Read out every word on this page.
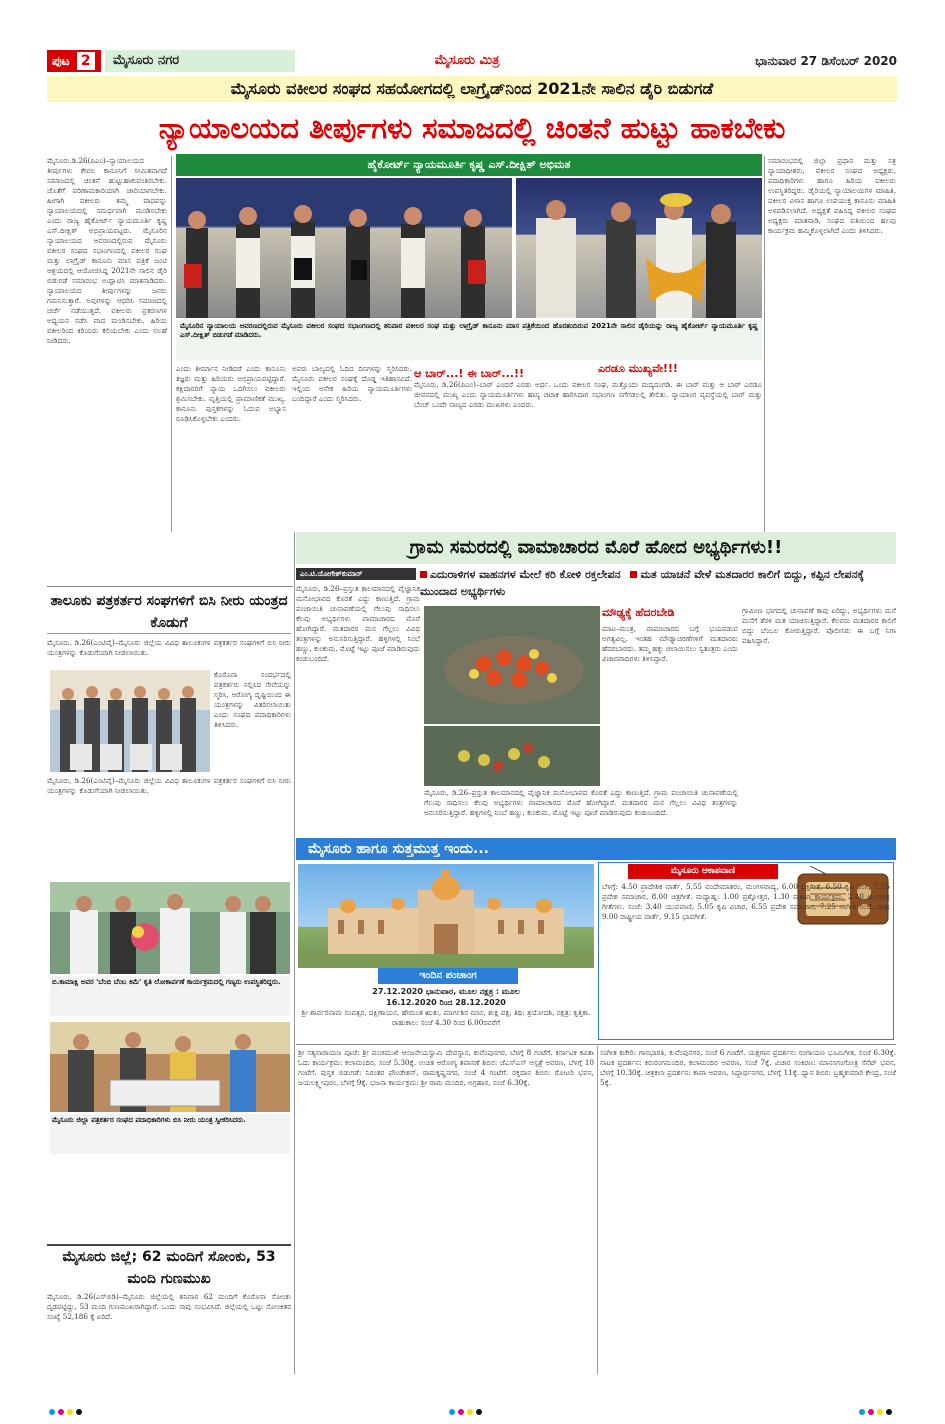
ಪುಟ 2	ಮೈಸೂರು ನಗರ	ಮೈಸೂರು ಮಿತ್ರ	ಭಾನುವಾರ 27 ಡಿಸೆಂಬರ್ 2020
ಮೈಸೂರು ವಕೀಲರ ಸಂಘದ ಸಹಯೋಗದಲ್ಲಿ ಲಾಗ್ರೈಡ್‌ನಿಂದ 2021ನೇ ಸಾಲಿನ ಡೈರಿ ಬಿಡುಗಡೆ
ನ್ಯಾಯಾಲಯದ ತೀರ್ಪುಗಳು ಸಮಾಜದಲ್ಲಿ ಚಿಂತನೆ ಹುಟ್ಟು ಹಾಕಬೇಕು
ಮೈಸೂರು.ಡಿ.26(ಪಿಎಂ)–ನ್ಯಾಯಾಲಯದ ತೀರ್ಪುಗಳು ಕೇವಲ ಕಾನೂನಿಗೆ ಸೀಮಿತವಾಗದೆ ಸಮಾಜದಲ್ಲಿ ಚಿಂತನೆ ಹುಟ್ಟುಹಾಕುವಂತಿರಬೇಕು. ಜೊತೆಗೆ ಪರಿಣಾಮಕಾರಿಯಾಗಿ ಜಾರಿಯಾಗಬೇಕು. ಹೀಗಾಗಿ ವಕೀಲರು ತಮ್ಮ ವಾದವನ್ನು ನ್ಯಾಯಾಲಯದಲ್ಲಿ ಸಮರ್ಥವಾಗಿ ಮಂಡಿಸಬೇಕು ಎಂದು ರಾಜ್ಯ ಹೈಕೋರ್ಟ್ ನ್ಯಾಯಮೂರ್ತಿ ಕೃಷ್ಣ ಎಸ್.ದೀಕ್ಷಿತ್ ಅಭಿಪ್ರಾಯಪಟ್ಟರು. ಮೈಸೂರಿನ ನ್ಯಾಯಾಲಯದ ಆವರಣದಲ್ಲಿರುವ ಮೈಸೂರು ವಕೀಲರ ಸಂಘದ ಸಭಾಂಗಣದಲ್ಲಿ ವಕೀಲರ ಸಂಘ ಮತ್ತು ಲಾಗ್ರೈಡ್ ಕಾನೂನು ಮಾಸ ಪತ್ರಿಕೆ ಜಂಟಿ ಆಶ್ರಯದಲ್ಲಿ ಆಯೋಜಿಸಿದ್ದ 2021ನೇ ಸಾಲಿನ ಡೈರಿ ಬಿಡುಗಡೆ ಸಮಾರಂಭ ಉದ್ಘಾಟಿಸಿ ಮಾತನಾಡಿದರು. ನ್ಯಾಯಾಲಯದ ತೀರ್ಪುಗಳನ್ನು ಜನರು ಗಮನಿಸುತ್ತಾರೆ. ಅವುಗಳನ್ನು ಆಧರಿಸಿ ಸಮಾಜದಲ್ಲಿ ಚರ್ಚೆ ನಡೆಯುತ್ತದೆ. ವಕೀಲರು ಪ್ರಕರಣಗಳ ಅಧ್ಯಯನ ನಡೆಸಿ ವಾದ ಮಂಡಿಸಬೇಕು. ಹಿರಿಯ ವಕೀಲರಿಂದ ಕಿರಿಯರು ಕಲಿಯಬೇಕು ಎಂದು ಸಲಹೆ ನೀಡಿದರು.
ಹೈಕೋರ್ಟ್ ನ್ಯಾಯಮೂರ್ತಿ ಕೃಷ್ಣ ಎಸ್.ದೀಕ್ಷಿತ್ ಅಭಿಮತ
ಮೈಸೂರಿನ ನ್ಯಾಯಾಲಯ ಆವರಣದಲ್ಲಿರುವ ಮೈಸೂರು ವಕೀಲರ ಸಂಘದ ಸಭಾಂಗಣದಲ್ಲಿ ಶನಿವಾರ ವಕೀಲರ ಸಂಘ ಮತ್ತು ಲಾಗ್ರೈಡ್ ಕಾನೂನು ಮಾಸ ಪತ್ರಿಕೆಯಿಂದ ಹೊರತಂದಿರುವ 2021ನೇ ಸಾಲಿನ ಡೈರಿಯನ್ನು ರಾಜ್ಯ ಹೈಕೋರ್ಟ್ ನ್ಯಾಯಮೂರ್ತಿ ಕೃಷ್ಣ ಎಸ್.ದೀಕ್ಷಿತ್ ಬಿಡುಗಡೆ ಮಾಡಿದರು.
ಎಂದು ತೀರ್ಮಾನ ನೀಡಿದರೆ ಎಂದು ಕಾನೂನು ತಜ್ಞರು ಮತ್ತು ಹಿರಿಯರು ಅಭಿಪ್ರಾಯಪಟ್ಟಿದ್ದಾರೆ. ಕಕ್ಷಿದಾರರಿಗೆ ನ್ಯಾಯ ಒದಗಿಸಲು ವಕೀಲರು ಶ್ರಮಿಸಬೇಕು. ವೃತ್ತಿಯಲ್ಲಿ ಪ್ರಾಮಾಣಿಕತೆ ಮುಖ್ಯ. ಕಾನೂನು ಪುಸ್ತಕಗಳನ್ನು ಓದುವ ಅಭ್ಯಾಸ ರೂಢಿಸಿಕೊಳ್ಳಬೇಕು ಎಂದರು.
ಅವರು ಬಾಲ್ಯದಲ್ಲಿ ಓದಿದ ದಿನಗಳನ್ನು ಸ್ಮರಿಸಿದರು. ಮೈಸೂರು ವಕೀಲರ ಸಂಘಕ್ಕೆ ದೊಡ್ಡ ಇತಿಹಾಸವಿದೆ. ಇಲ್ಲಿಂದ ಅನೇಕ ಹಿರಿಯ ನ್ಯಾಯಮೂರ್ತಿಗಳು ಬಂದಿದ್ದಾರೆ ಎಂದು ಸ್ಮರಿಸಿದರು.
ಆ ಬಾರ್...! ಈ ಬಾರ್...!!	ಎರಡೂ ಮುಖ್ಯವೇ!!!
ಮೈಸೂರು, ಡಿ.26(ಪಿಎಂ)–ಬಾರ್ ಎಂದರೆ ಎರಡು ಅರ್ಥ. ಒಂದು ವಕೀಲರ ಸಂಘ, ಮತ್ತೊಂದು ಮದ್ಯದಂಗಡಿ. ಈ ಬಾರ್ ಮತ್ತು ಆ ಬಾರ್ ಎರಡೂ ಜೀವನದಲ್ಲಿ ಮುಖ್ಯ ಎಂದು ನ್ಯಾಯಮೂರ್ತಿಗಳು ಹಾಸ್ಯ ಚಟಾಕಿ ಹಾರಿಸಿದಾಗ ಸಭಾಂಗಣ ನಗೆಗಡಲಲ್ಲಿ ತೇಲಿತು. ನ್ಯಾಯಾಂಗ ವ್ಯವಸ್ಥೆಯಲ್ಲಿ ಬಾರ್ ಮತ್ತು ಬೆಂಚ್ ಒಂದೇ ನಾಣ್ಯದ ಎರಡು ಮುಖಗಳು ಎಂದರು.
ಸಮಾರಂಭದಲ್ಲಿ ಜಿಲ್ಲಾ ಪ್ರಧಾನ ಮತ್ತು ಸತ್ರ ನ್ಯಾಯಾಧೀಶರು, ವಕೀಲರ ಸಂಘದ ಅಧ್ಯಕ್ಷರು, ಪದಾಧಿಕಾರಿಗಳು ಹಾಗೂ ಹಿರಿಯ ವಕೀಲರು ಉಪಸ್ಥಿತರಿದ್ದರು. ಡೈರಿಯಲ್ಲಿ ನ್ಯಾಯಾಲಯಗಳ ಮಾಹಿತಿ, ವಕೀಲರ ವಿಳಾಸ ಹಾಗೂ ಉಪಯುಕ್ತ ಕಾನೂನು ಮಾಹಿತಿ ಅಳವಡಿಸಲಾಗಿದೆ. ಅಧ್ಯಕ್ಷತೆ ವಹಿಸಿದ್ದ ವಕೀಲರ ಸಂಘದ ಅಧ್ಯಕ್ಷರು ಮಾತನಾಡಿ, ಸಂಘದ ವತಿಯಿಂದ ಹಲವು ಕಾರ್ಯಕ್ರಮ ಹಮ್ಮಿಕೊಳ್ಳಲಾಗಿದೆ ಎಂದು ತಿಳಿಸಿದರು.
ಗ್ರಾಮ ಸಮರದಲ್ಲಿ ವಾಮಾಚಾರದ ಮೊರೆ ಹೋದ ಅಭ್ಯರ್ಥಿಗಳು!!
ತಾಲೂಕು ಪತ್ರಕರ್ತರ ಸಂಘಗಳಿಗೆ ಬಿಸಿ ನೀರು ಯಂತ್ರದ ಕೊಡುಗೆ
ಮೈಸೂರು, ಡಿ.26(ಎಂಟಿವೈ)–ಮೈಸೂರು ಜಿಲ್ಲೆಯ ವಿವಿಧ ತಾಲೂಕುಗಳ ಪತ್ರಕರ್ತರ ಸಂಘಗಳಿಗೆ ಬಿಸಿ ನೀರು ಯಂತ್ರಗಳನ್ನು ಕೊಡುಗೆಯಾಗಿ ನೀಡಲಾಯಿತು.
ಕೊರೊನಾ ಸಂದರ್ಭದಲ್ಲಿ ಪತ್ರಕರ್ತರು ಸಲ್ಲಿಸಿದ ಸೇವೆಯನ್ನು ಸ್ಮರಿಸಿ, ಆರೋಗ್ಯ ದೃಷ್ಟಿಯಿಂದ ಈ ಯಂತ್ರಗಳನ್ನು ವಿತರಿಸಲಾಯಿತು ಎಂದು ಸಂಘದ ಪದಾಧಿಕಾರಿಗಳು ತಿಳಿಸಿದರು.
ಮೈಸೂರು, ಡಿ.26(ಎಂಟಿವೈ)–ಮೈಸೂರು ಜಿಲ್ಲೆಯ ವಿವಿಧ ತಾಲೂಕುಗಳ ಪತ್ರಕರ್ತರ ಸಂಘಗಳಿಗೆ ಬಿಸಿ ನೀರು ಯಂತ್ರಗಳನ್ನು ಕೊಡುಗೆಯಾಗಿ ನೀಡಲಾಯಿತು.
ಬಿ.ಕಾಮಾಕ್ಷಿ ಅವರ 'ಬೆಂಬಿ ಬೆಂಬ ಕಿಮೆ' ಕೃತಿ ಲೋಕಾರ್ಪಣೆ ಕಾರ್ಯಕ್ರಮದಲ್ಲಿ ಗಣ್ಯರು ಉಪಸ್ಥಿತರಿದ್ದರು.
ಮೈಸೂರು ಜಿಲ್ಲಾ ಪತ್ರಕರ್ತರ ಸಂಘದ ಪದಾಧಿಕಾರಿಗಳು ಬಿಸಿ ನೀರು ಯಂತ್ರ ಸ್ವೀಕರಿಸಿದರು.
ಮೈಸೂರು ಜಿಲ್ಲೆ; 62 ಮಂದಿಗೆ ಸೋಂಕು, 53 ಮಂದಿ ಗುಣಮುಖ
ಮೈಸೂರು, ಡಿ.26(ಎಸ್‌ಬಿಡಿ)–ಮೈಸೂರು ಜಿಲ್ಲೆಯಲ್ಲಿ ಶನಿವಾರ 62 ಮಂದಿಗೆ ಕೊರೊನಾ ಸೋಂಕು ದೃಢಪಟ್ಟಿದ್ದು, 53 ಮಂದಿ ಗುಣಮುಖರಾಗಿದ್ದಾರೆ. ಒಂದು ಸಾವು ಸಂಭವಿಸಿದೆ. ಜಿಲ್ಲೆಯಲ್ಲಿ ಒಟ್ಟು ಸೋಂಕಿತರ ಸಂಖ್ಯೆ 52,186 ಕ್ಕೆ ಏರಿದೆ.
ಎಂ.ಟಿ.ಯೋಗೇಶ್‌ಕುಮಾರ್	ಎದುರಾಳಿಗಳ ವಾಹನಗಳ ಮೇಲೆ ಕರಿ ಕೋಳಿ ರಕ್ತಲೇಪನ ಮತ ಯಾಚನೆ ವೇಳೆ ಮತದಾರರ ಕಾಲಿಗೆ ಬಿದ್ದು, ಕಪ್ಪಿನ ಲೇಪನಕ್ಕೆ ಮುಂದಾದ ಅಭ್ಯರ್ಥಿಗಳು
ಮೈಸೂರು, ಡಿ.26–ಪ್ರಸ್ತುತ ಕಾಲಮಾನದಲ್ಲಿ ವೈಜ್ಞಾನಿಕ ಮನೋಭಾವದ ಕೊರತೆ ಎದ್ದು ಕಾಣುತ್ತಿದೆ. ಗ್ರಾಮ ಪಂಚಾಯಿತಿ ಚುನಾವಣೆಯಲ್ಲಿ ಗೆಲುವು ಸಾಧಿಸಲು ಕೆಲವು ಅಭ್ಯರ್ಥಿಗಳು ವಾಮಾಚಾರದ ಮೊರೆ ಹೋಗಿದ್ದಾರೆ. ಮತದಾರರ ಮನ ಗೆಲ್ಲಲು ವಿವಿಧ ತಂತ್ರಗಳನ್ನು ಅನುಸರಿಸುತ್ತಿದ್ದಾರೆ. ಹಳ್ಳಿಗಳಲ್ಲಿ ನಿಂಬೆ ಹಣ್ಣು, ಕುಂಕುಮ, ಮೊಟ್ಟೆ ಇಟ್ಟು ಪೂಜೆ ಮಾಡಿರುವುದು ಕಂಡುಬಂದಿದೆ.
ಮೌಢ್ಯಕ್ಕೆ ಹೆದರಬೇಡಿ
ಮಾಟ–ಮಂತ್ರ, ವಾಮಾಚಾರದ ಬಗ್ಗೆ ಭಯಪಡುವ ಅಗತ್ಯವಿಲ್ಲ. ಇಂತಹ ಮೌಢ್ಯಾಚರಣೆಗಳಿಗೆ ಮತದಾರರು ಹೆದರಬಾರದು. ತಮ್ಮ ಹಕ್ಕು ಚಲಾಯಿಸಲು ಸ್ವತಂತ್ರರು ಎಂದು ವಿಚಾರವಾದಿಗಳು ತಿಳಿಸಿದ್ದಾರೆ.
ಗ್ರಾಮೀಣ ಭಾಗದಲ್ಲಿ ಚುನಾವಣೆ ಕಾವು ಏರಿದ್ದು, ಅಭ್ಯರ್ಥಿಗಳು ಮನೆ ಮನೆಗೆ ತೆರಳಿ ಮತ ಯಾಚಿಸುತ್ತಿದ್ದಾರೆ. ಕೆಲವರು ಮತದಾರರ ಕಾಲಿಗೆ ಬಿದ್ದು ಬೆಂಬಲ ಕೋರುತ್ತಿದ್ದಾರೆ. ಪೊಲೀಸರು ಈ ಬಗ್ಗೆ ನಿಗಾ ವಹಿಸಿದ್ದಾರೆ.
ಮೈಸೂರು, ಡಿ.26–ಪ್ರಸ್ತುತ ಕಾಲಮಾನದಲ್ಲಿ ವೈಜ್ಞಾನಿಕ ಮನೋಭಾವದ ಕೊರತೆ ಎದ್ದು ಕಾಣುತ್ತಿದೆ. ಗ್ರಾಮ ಪಂಚಾಯಿತಿ ಚುನಾವಣೆಯಲ್ಲಿ ಗೆಲುವು ಸಾಧಿಸಲು ಕೆಲವು ಅಭ್ಯರ್ಥಿಗಳು ವಾಮಾಚಾರದ ಮೊರೆ ಹೋಗಿದ್ದಾರೆ. ಮತದಾರರ ಮನ ಗೆಲ್ಲಲು ವಿವಿಧ ತಂತ್ರಗಳನ್ನು ಅನುಸರಿಸುತ್ತಿದ್ದಾರೆ. ಹಳ್ಳಿಗಳಲ್ಲಿ ನಿಂಬೆ ಹಣ್ಣು, ಕುಂಕುಮ, ಮೊಟ್ಟೆ ಇಟ್ಟು ಪೂಜೆ ಮಾಡಿರುವುದು ಕಂಡುಬಂದಿದೆ.
ಮೈಸೂರು ಹಾಗೂ ಸುತ್ತಮುತ್ತ ಇಂದು...
ಇಂದಿನ ಪಂಚಾಂಗ
27.12.2020 ಭಾನುವಾರ, ಮೂಲ ನಕ್ಷತ್ರ : ಮೂಲ
16.12.2020 ರಿಂದ 28.12.2020
ಶ್ರೀ ಶಾರ್ವರಿನಾಮ ಸಂವತ್ಸರ, ದಕ್ಷಿಣಾಯನ, ಹೇಮಂತ ಋತು, ಮಾರ್ಗಶಿರ ಮಾಸ, ಶುಕ್ಲ ಪಕ್ಷ, ತಿಥಿ: ತ್ರಯೋದಶಿ, ನಕ್ಷತ್ರ: ಕೃತ್ತಿಕಾ. ರಾಹುಕಾಲ: ಸಂಜೆ 4.30 ರಿಂದ 6.00ರವರೆಗೆ
ಮೈಸೂರು ಆಕಾಶವಾಣಿ
ಬೆಳಗ್ಗೆ: 4.50 ಪ್ರಾದೇಶಿಕ ವಾರ್ತೆ, 5.55 ವಂದೇಮಾತರಂ, ಮಂಗಳವಾದ್ಯ, 6.00 ಭಕ್ತಿಗೀತೆ, 6.50 ಕೃಷಿ ರಂಗ, 7.25 ಪ್ರದೇಶ ಸಮಾಚಾರ, 8.00 ಚಿತ್ರಗೀತೆ. ಮಧ್ಯಾಹ್ನ: 1.00 ಪ್ರಶ್ನೋತ್ತರ, 1.30 ಮಹಿಳಾ ಕಾರ್ಯಕ್ರಮ, 2.40 ಚಲನಚಿತ್ರ ಗೀತೆಗಳು. ಸಂಜೆ: 3.40 ಯುವವಾಣಿ, 5.05 ಕೃಷಿ ವಿಚಾರ, 6.55 ಪ್ರದೇಶ ಸಮಾಚಾರ, 7.25 ಸಂಗೀತ ಸಂಜೆ. ರಾತ್ರಿ: 9.00 ರಾಷ್ಟ್ರೀಯ ವಾರ್ತೆ, 9.15 ಭಾವಗೀತೆ.
ಶ್ರೀ ಸತ್ಯನಾರಾಯಣ ಪೂಜೆ: ಶ್ರೀ ಪಂಚಮುಖಿ ಆಂಜನೇಯಸ್ವಾಮಿ ದೇವಸ್ಥಾನ, ಕುವೆಂಪುನಗರ, ಬೆಳಗ್ಗೆ 8 ಗಂಟೆಗೆ. ಕರ್ನಾಟಕ ಕವಿತಾ ಓದು ಕಾರ್ಯಕ್ರಮ: ಕಲಾಮಂದಿರ, ಸಂಜೆ 5.30ಕ್ಕೆ. ಉಚಿತ ಆರೋಗ್ಯ ತಪಾಸಣೆ ಶಿಬಿರ: ಜೆಎಸ್‌ಎಸ್ ಆಸ್ಪತ್ರೆ ಆವರಣ, ಬೆಳಗ್ಗೆ 10 ಗಂಟೆಗೆ. ಪುಸ್ತಕ ಬಿಡುಗಡೆ: ನಿರಂತರ ಫೌಂಡೇಶನ್, ರಾಮಕೃಷ್ಣನಗರ, ಸಂಜೆ 4 ಗಂಟೆಗೆ. ರಕ್ತದಾನ ಶಿಬಿರ: ರೋಟರಿ ಭವನ, ಜಯಲಕ್ಷ್ಮೀಪುರಂ, ಬೆಳಗ್ಗೆ 9ಕ್ಕೆ. ಭಜನಾ ಕಾರ್ಯಕ್ರಮ: ಶ್ರೀ ರಾಮ ಮಂದಿರ, ಅಗ್ರಹಾರ, ಸಂಜೆ 6.30ಕ್ಕೆ.
ಸಂಗೀತ ಕಚೇರಿ: ಗಾನಭಾರತಿ, ಕುವೆಂಪುನಗರ, ಸಂಜೆ 6 ಗಂಟೆಗೆ. ಯಕ್ಷಗಾನ ಪ್ರದರ್ಶನ: ರಂಗಾಯಣ ಭೂಮಿಗೀತ, ಸಂಜೆ 6.30ಕ್ಕೆ. ನಾಟಕ ಪ್ರದರ್ಶನ: ಕಿರುರಂಗಮಂದಿರ, ಕಲಾಮಂದಿರ ಆವರಣ, ಸಂಜೆ 7ಕ್ಕೆ. ವಿಚಾರ ಸಂಕಿರಣ: ಮಾನಸಗಂಗೋತ್ರಿ ಸೆನೆಟ್ ಭವನ, ಬೆಳಗ್ಗೆ 10.30ಕ್ಕೆ. ಚಿತ್ರಕಲಾ ಪ್ರದರ್ಶನ: ಕಾವಾ ಆವರಣ, ಸಿದ್ದಾರ್ಥನಗರ, ಬೆಳಗ್ಗೆ 11ಕ್ಕೆ. ಧ್ಯಾನ ಶಿಬಿರ: ಬ್ರಹ್ಮಕುಮಾರಿ ಕೇಂದ್ರ, ಸಂಜೆ 5ಕ್ಕೆ.
